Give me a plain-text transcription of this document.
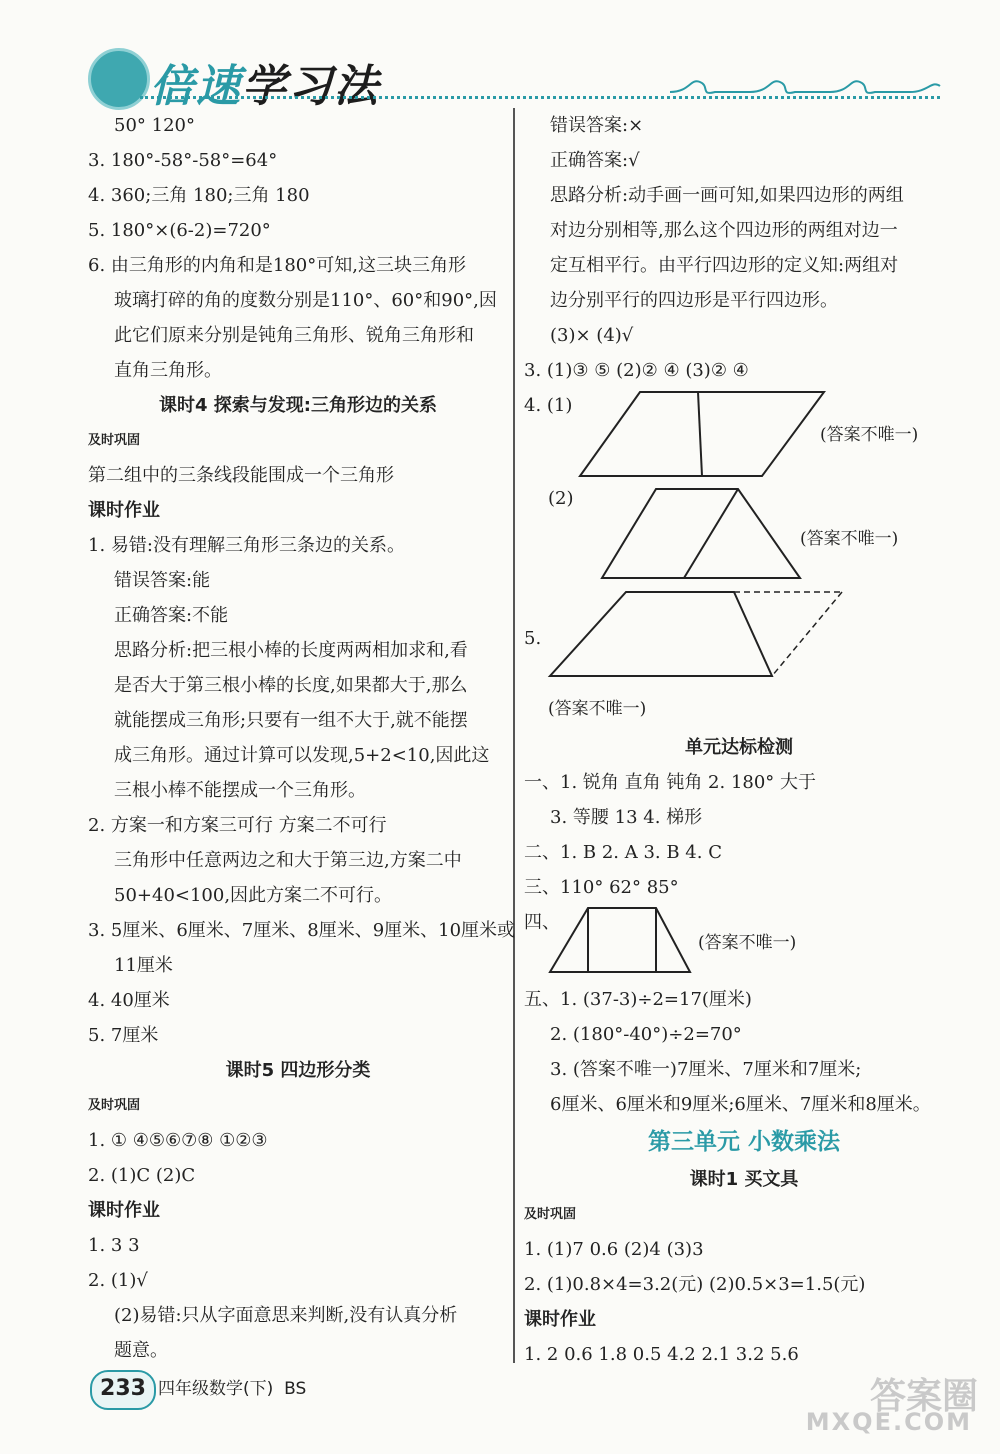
倍速学习法
50° 120°
3. 180°-58°-58°=64°
4. 360;三角 180;三角 180
5. 180°×(6-2)=720°
6. 由三角形的内角和是180°可知,这三块三角形
玻璃打碎的角的度数分别是110°、60°和90°,因
此它们原来分别是钝角三角形、锐角三角形和
直角三角形。
课时4 探索与发现:三角形边的关系
及时巩固
第二组中的三条线段能围成一个三角形
课时作业
1. 易错:没有理解三角形三条边的关系。
错误答案:能
正确答案:不能
思路分析:把三根小棒的长度两两相加求和,看
是否大于第三根小棒的长度,如果都大于,那么
就能摆成三角形;只要有一组不大于,就不能摆
成三角形。通过计算可以发现,5+2<10,因此这
三根小棒不能摆成一个三角形。
2. 方案一和方案三可行 方案二不可行
三角形中任意两边之和大于第三边,方案二中
50+40<100,因此方案二不可行。
3. 5厘米、6厘米、7厘米、8厘米、9厘米、10厘米或
11厘米
4. 40厘米
5. 7厘米
课时5 四边形分类
及时巩固
1. ① ④⑤⑥⑦⑧ ①②③
2. (1)C (2)C
课时作业
1. 3 3
2. (1)√
(2)易错:只从字面意思来判断,没有认真分析
题意。
错误答案:×
正确答案:√
思路分析:动手画一画可知,如果四边形的两组
对边分别相等,那么这个四边形的两组对边一
定互相平行。由平行四边形的定义知:两组对
边分别平行的四边形是平行四边形。
(3)× (4)√
3. (1)③ ⑤ (2)② ④ (3)② ④
4. (1)
(答案不唯一)
(2)
(答案不唯一)
5.
(答案不唯一)
单元达标检测
一、1. 锐角 直角 钝角 2. 180° 大于
3. 等腰 13 4. 梯形
二、1. B 2. A 3. B 4. C
三、110° 62° 85°
四、
(答案不唯一)
五、1. (37-3)÷2=17(厘米)
2. (180°-40°)÷2=70°
3. (答案不唯一)7厘米、7厘米和7厘米;
6厘米、6厘米和9厘米;6厘米、7厘米和8厘米。
第三单元 小数乘法
课时1 买文具
及时巩固
1. (1)7 0.6 (2)4 (3)3
2. (1)0.8×4=3.2(元) (2)0.5×3=1.5(元)
课时作业
1. 2 0.6 1.8 0.5 4.2 2.1 3.2 5.6
233 四年级数学(下) BS	答案圈
MXQE.COM
